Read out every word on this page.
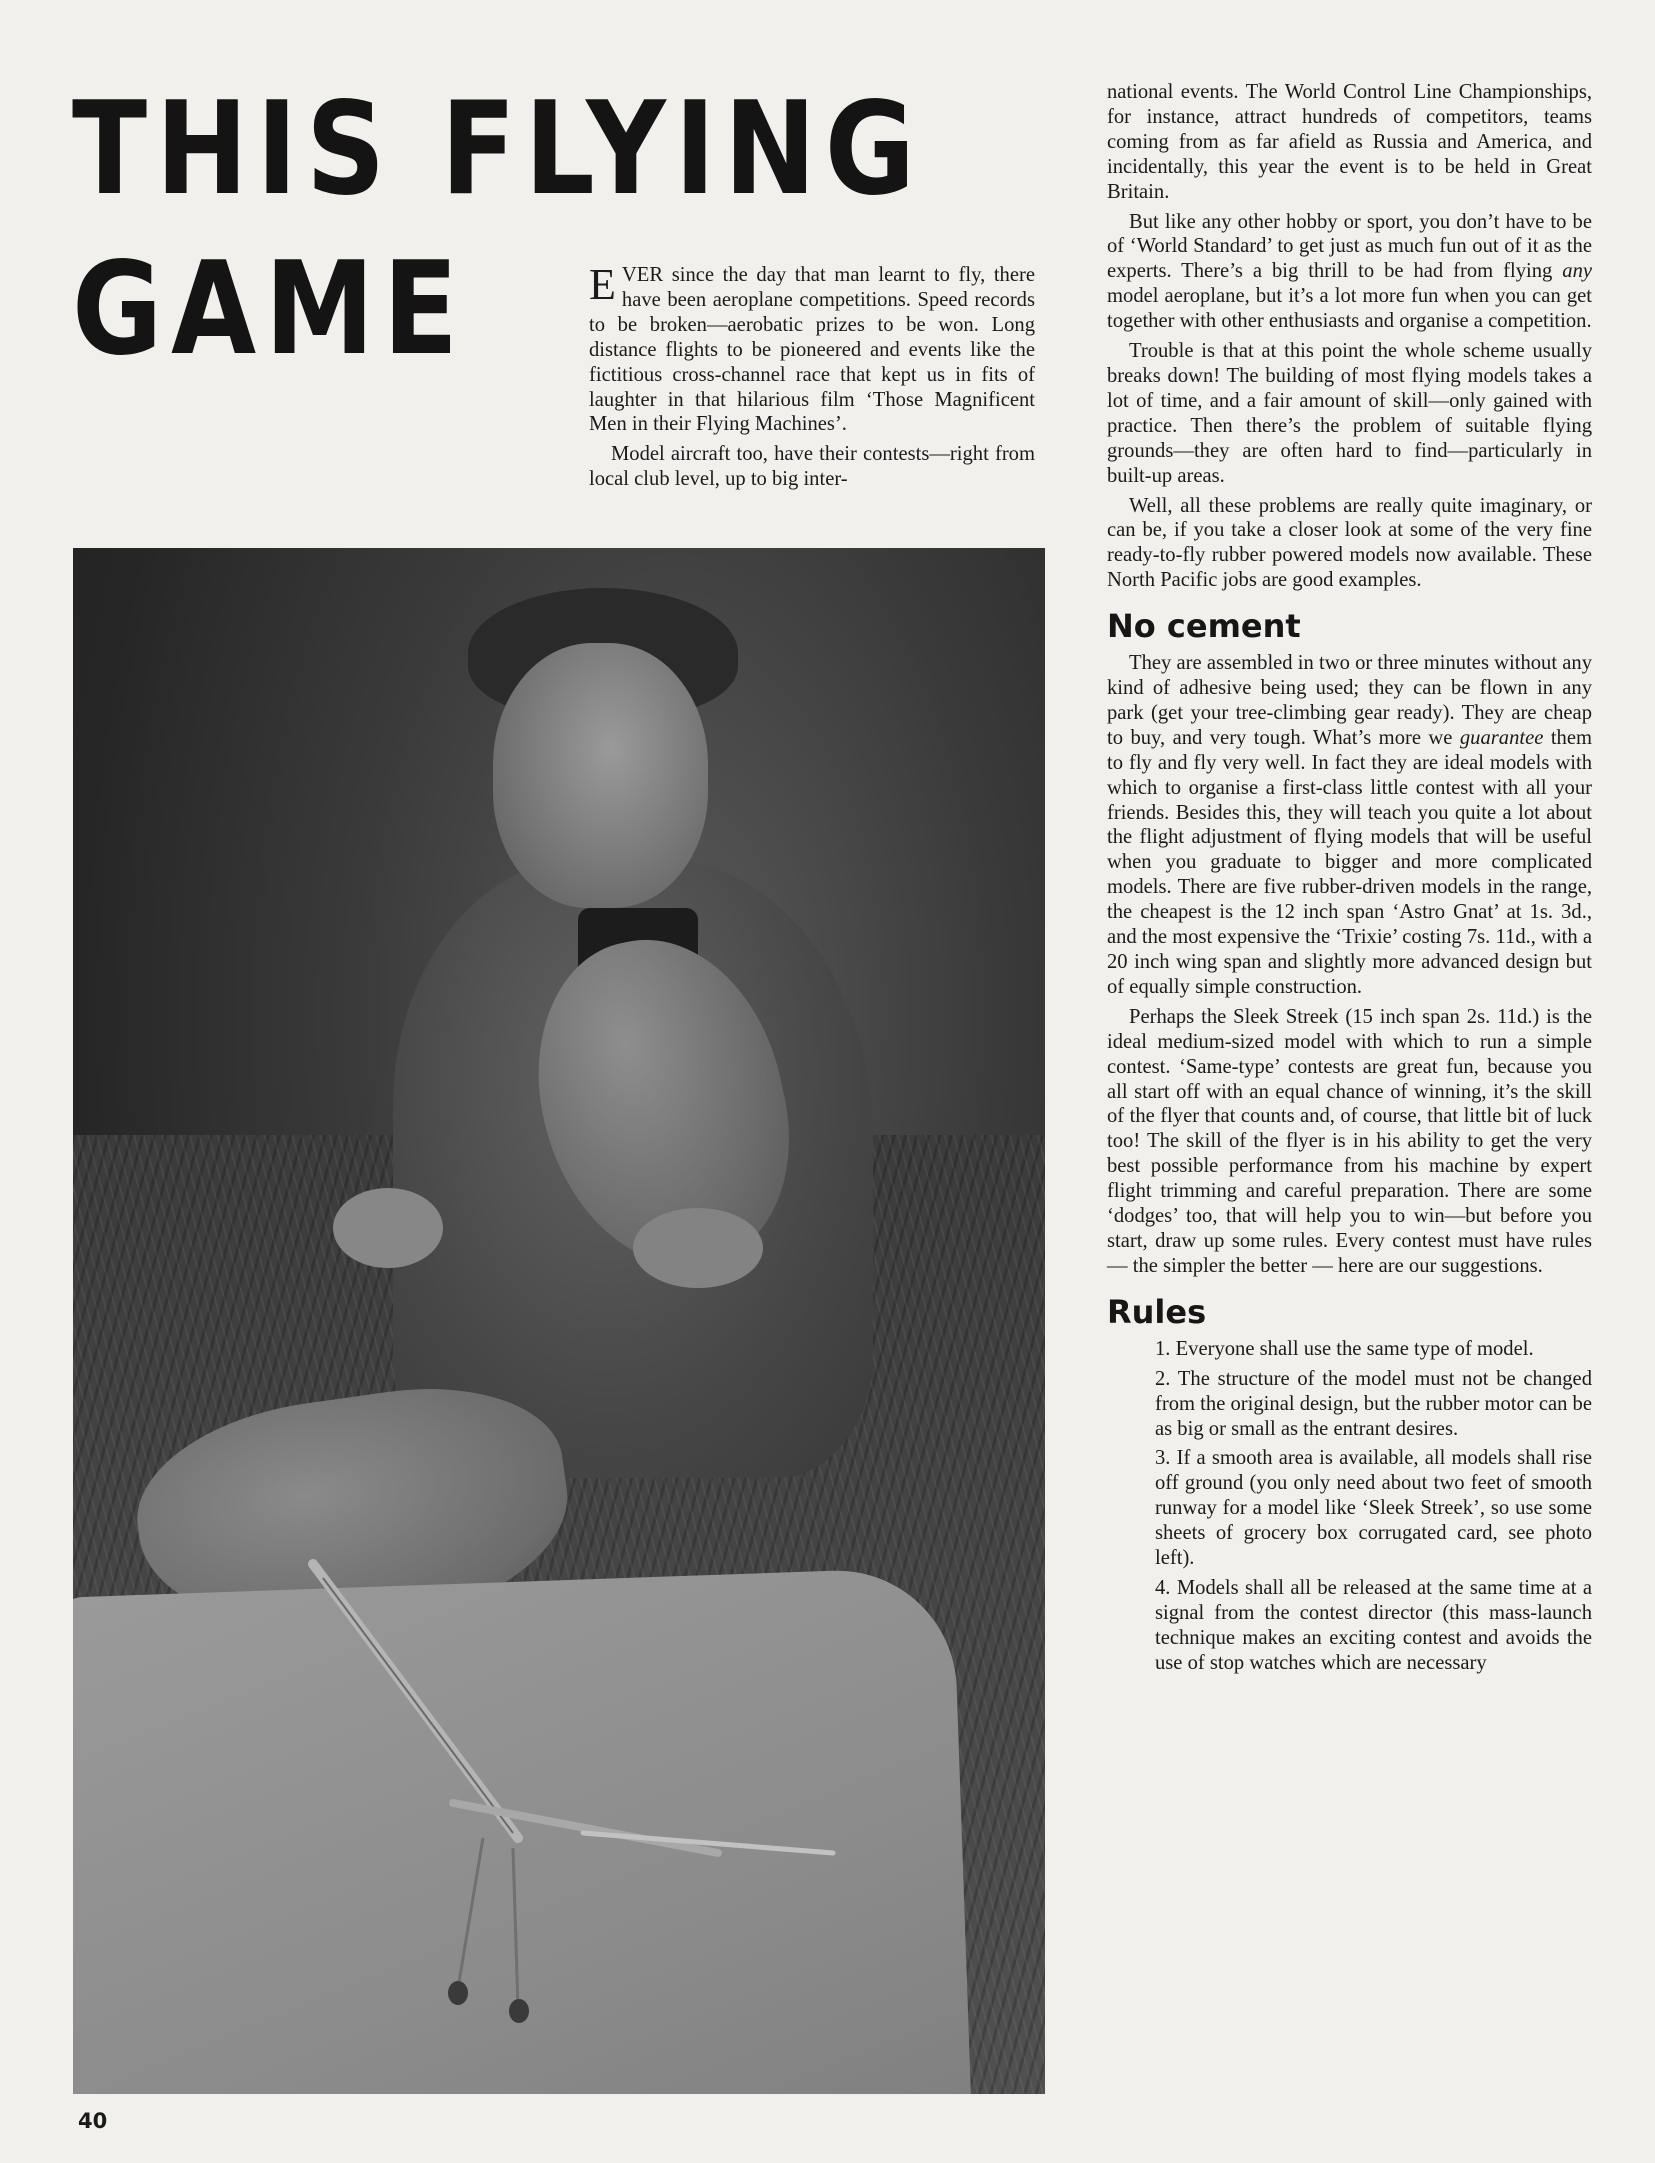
THIS FLYING
GAME	EVER since the day that man learnt to fly, there have been aeroplane competitions. Speed records to be broken—aerobatic prizes to be won. Long distance flights to be pioneered and events like the fictitious cross-channel race that kept us in fits of laughter in that hilarious film ‘Those Magnificent Men in their Flying Machines’.

Model aircraft too, have their contests—right from local club level, up to big inter-

national events. The World Control Line Championships, for instance, attract hundreds of competitors, teams coming from as far afield as Russia and America, and incidentally, this year the event is to be held in Great Britain.

But like any other hobby or sport, you don’t have to be of ‘World Standard’ to get just as much fun out of it as the experts. There’s a big thrill to be had from flying any model aeroplane, but it’s a lot more fun when you can get together with other enthusiasts and organise a competition.

Trouble is that at this point the whole scheme usually breaks down! The building of most flying models takes a lot of time, and a fair amount of skill—only gained with practice. Then there’s the problem of suitable flying grounds—they are often hard to find—particularly in built-up areas.

Well, all these problems are really quite imaginary, or can be, if you take a closer look at some of the very fine ready-to-fly rubber powered models now available. These North Pacific jobs are good examples.

No cement

They are assembled in two or three minutes without any kind of adhesive being used; they can be flown in any park (get your tree-climbing gear ready). They are cheap to buy, and very tough. What’s more we guarantee them to fly and fly very well. In fact they are ideal models with which to organise a first-class little contest with all your friends. Besides this, they will teach you quite a lot about the flight adjustment of flying models that will be useful when you graduate to bigger and more complicated models. There are five rubber-driven models in the range, the cheapest is the 12 inch span ‘Astro Gnat’ at 1s. 3d., and the most expensive the ‘Trixie’ costing 7s. 11d., with a 20 inch wing span and slightly more advanced design but of equally simple construction.

Perhaps the Sleek Streek (15 inch span 2s. 11d.) is the ideal medium-sized model with which to run a simple contest. ‘Same-type’ contests are great fun, because you all start off with an equal chance of winning, it’s the skill of the flyer that counts and, of course, that little bit of luck too! The skill of the flyer is in his ability to get the very best possible performance from his machine by expert flight trimming and careful preparation. There are some ‘dodges’ too, that will help you to win—but before you start, draw up some rules. Every contest must have rules — the simpler the better — here are our suggestions.

Rules

1. Everyone shall use the same type of model.

2. The structure of the model must not be changed from the original design, but the rubber motor can be as big or small as the entrant desires.

3. If a smooth area is available, all models shall rise off ground (you only need about two feet of smooth runway for a model like ‘Sleek Streek’, so use some sheets of grocery box corrugated card, see photo left).

4. Models shall all be released at the same time at a signal from the contest director (this mass-launch technique makes an exciting contest and avoids the use of stop watches which are necessary

40
